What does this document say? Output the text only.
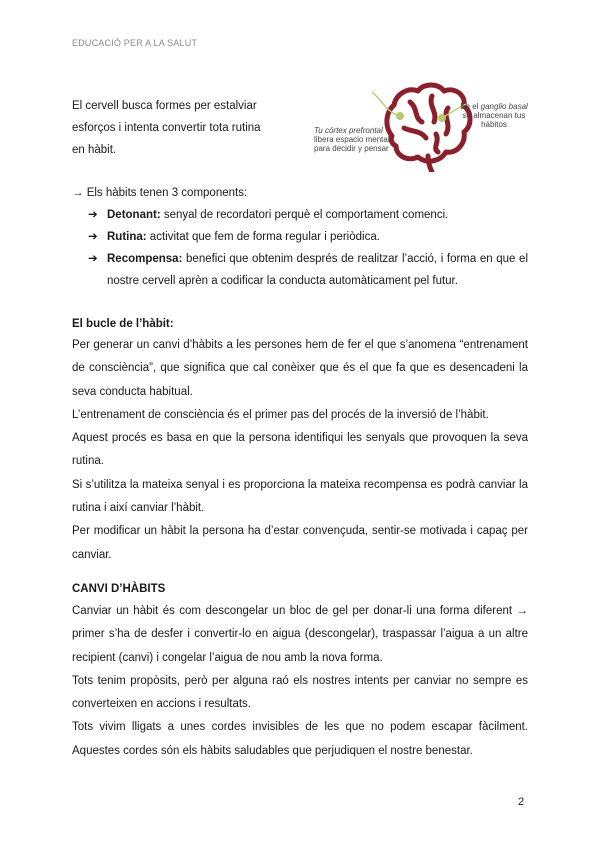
EDUCACIÓ PER A LA SALUT
El cervell busca formes per estalviar
esforços i intenta convertir tota rutina
en hàbit.
Tu córtex prefrontal libera espacio mental para decidir y pensar
En el ganglio basal se almacenan tus hábitos
→ Els hàbits tenen 3 components:
➔ Detonant: senyal de recordatori perquè el comportament comenci.
➔ Rutina: activitat que fem de forma regular i periòdica.
➔ Recompensa: benefici que obtenim després de realitzar l’acció, i forma en que el nostre cervell aprèn a codificar la conducta automàticament pel futur.
El bucle de l’hàbit:

Per generar un canvi d’hàbits a les persones hem de fer el que s’anomena “entrenament de consciència”, que significa que cal conèixer que és el que fa que es desencadeni la seva conducta habitual.

L’entrenament de consciència és el primer pas del procés de la inversió de l’hàbit.

Aquest procés es basa en que la persona identifiqui les senyals que provoquen la seva rutina.

Si s’utilitza la mateixa senyal i es proporciona la mateixa recompensa es podrà canviar la rutina i així canviar l’hàbit.

Per modificar un hàbit la persona ha d’estar convençuda, sentir-se motivada i capaç per canviar.

CANVI D’HÀBITS

Canviar un hàbit és com descongelar un bloc de gel per donar-li una forma diferent → primer s’ha de desfer i convertir-lo en aigua (descongelar), traspassar l’aigua a un altre recipient (canvi) i congelar l’aigua de nou amb la nova forma.

Tots tenim propòsits, però per alguna raó els nostres intents per canviar no sempre es converteixen en accions i resultats.

Tots vivim lligats a unes cordes invisibles de les que no podem escapar fàcilment. Aquestes cordes són els hàbits saludables que perjudiquen el nostre benestar.

2
